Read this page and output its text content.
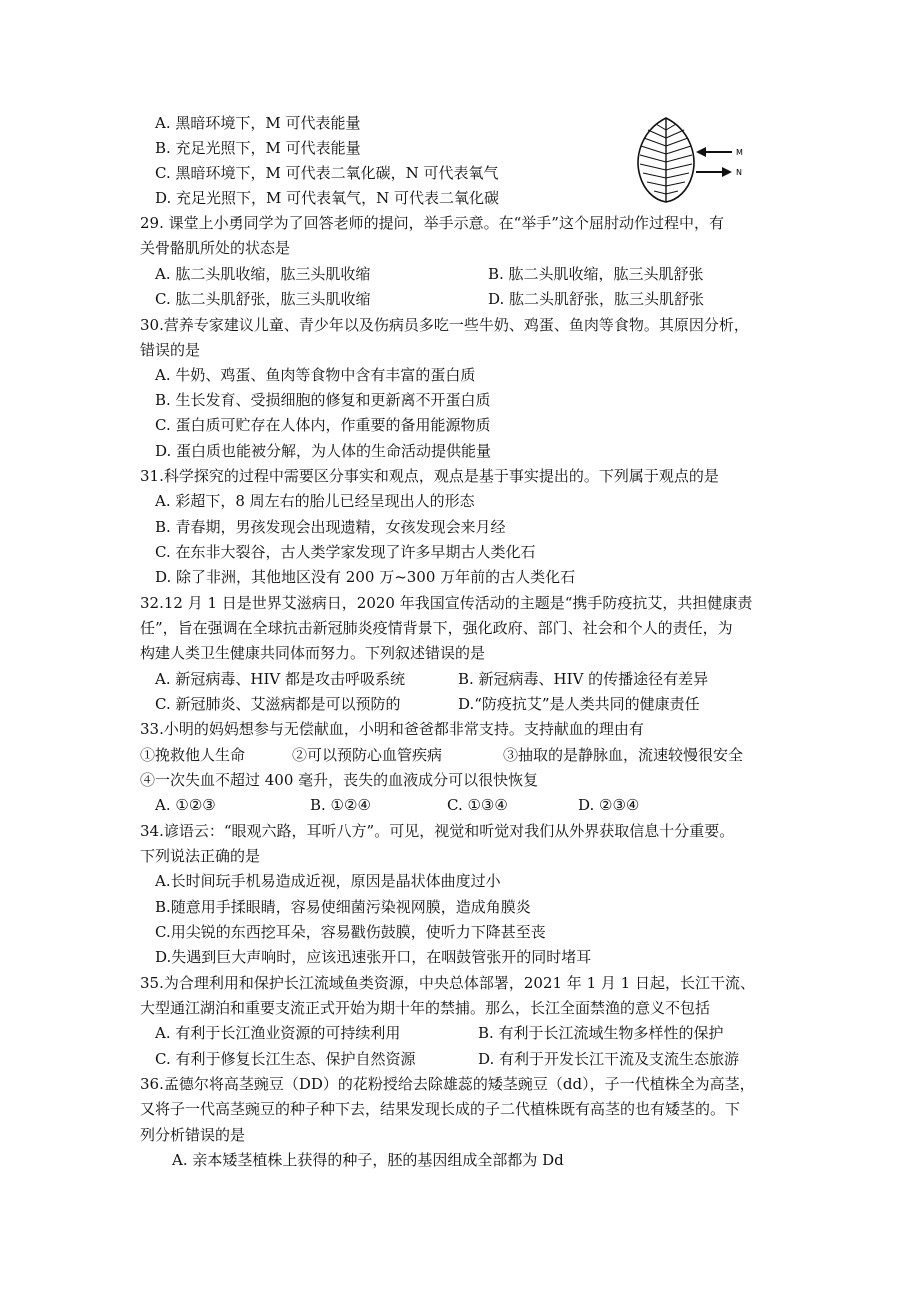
A. 黑暗环境下，M 可代表能量
B. 充足光照下，M 可代表能量
C. 黑暗环境下，M 可代表二氧化碳，N 可代表氧气
D. 充足光照下，M 可代表氧气，N 可代表二氧化碳
M
N
29. 课堂上小勇同学为了回答老师的提问，举手示意。在“举手”这个屈肘动作过程中，有
关骨骼肌所处的状态是
A. 肱二头肌收缩，肱三头肌收缩	B. 肱二头肌收缩，肱三头肌舒张
C. 肱二头肌舒张，肱三头肌收缩	D. 肱二头肌舒张，肱三头肌舒张
30.营养专家建议儿童、青少年以及伤病员多吃一些牛奶、鸡蛋、鱼肉等食物。其原因分析，
错误的是
A. 牛奶、鸡蛋、鱼肉等食物中含有丰富的蛋白质
B. 生长发育、受损细胞的修复和更新离不开蛋白质
C. 蛋白质可贮存在人体内，作重要的备用能源物质
D. 蛋白质也能被分解，为人体的生命活动提供能量
31.科学探究的过程中需要区分事实和观点，观点是基于事实提出的。下列属于观点的是
A. 彩超下，8 周左右的胎儿已经呈现出人的形态
B. 青春期，男孩发现会出现遗精，女孩发现会来月经
C. 在东非大裂谷，古人类学家发现了许多早期古人类化石
D. 除了非洲，其他地区没有 200 万~300 万年前的古人类化石
32.12 月 1 日是世界艾滋病日，2020 年我国宣传活动的主题是“携手防疫抗艾，共担健康责
任”，旨在强调在全球抗击新冠肺炎疫情背景下，强化政府、部门、社会和个人的责任，为
构建人类卫生健康共同体而努力。下列叙述错误的是
A. 新冠病毒、HIV 都是攻击呼吸系统	B. 新冠病毒、HIV 的传播途径有差异
C. 新冠肺炎、艾滋病都是可以预防的	D.“防疫抗艾”是人类共同的健康责任
33.小明的妈妈想参与无偿献血，小明和爸爸都非常支持。支持献血的理由有
①挽救他人生命	②可以预防心血管疾病	③抽取的是静脉血，流速较慢很安全
④一次失血不超过 400 毫升，丧失的血液成分可以很快恢复
A. ①②③	B. ①②④	C. ①③④	D. ②③④
34.谚语云：“眼观六路，耳听八方”。可见，视觉和听觉对我们从外界获取信息十分重要。
下列说法正确的是
A.长时间玩手机易造成近视，原因是晶状体曲度过小
B.随意用手揉眼睛，容易使细菌污染视网膜，造成角膜炎
C.用尖锐的东西挖耳朵，容易戳伤鼓膜，使听力下降甚至丧
D.失遇到巨大声响时，应该迅速张开口，在咽鼓管张开的同时堵耳
35.为合理利用和保护长江流域鱼类资源，中央总体部署，2021 年 1 月 1 日起，长江干流、
大型通江湖泊和重要支流正式开始为期十年的禁捕。那么，长江全面禁渔的意义不包括
A. 有利于长江渔业资源的可持续利用	B. 有利于长江流域生物多样性的保护
C. 有利于修复长江生态、保护自然资源	D. 有利于开发长江干流及支流生态旅游
36.孟德尔将高茎豌豆（DD）的花粉授给去除雄蕊的矮茎豌豆（dd），子一代植株全为高茎，
又将子一代高茎豌豆的种子种下去，结果发现长成的子二代植株既有高茎的也有矮茎的。下
列分析错误的是
A. 亲本矮茎植株上获得的种子，胚的基因组成全部都为 Dd
